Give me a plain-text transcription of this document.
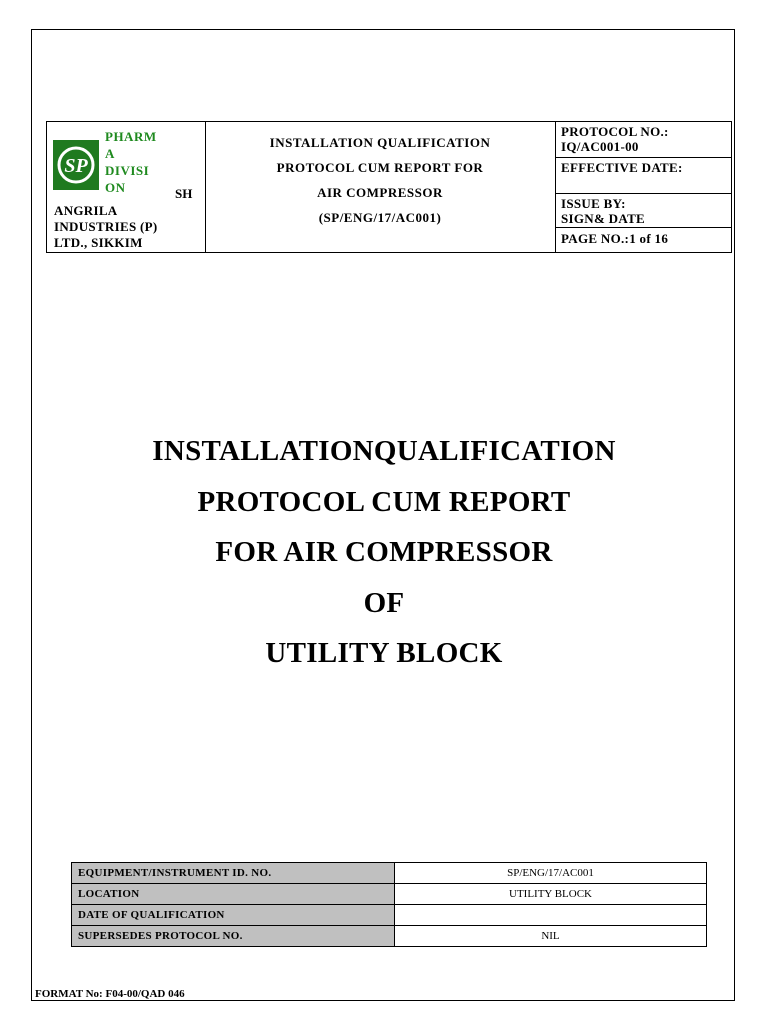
SP
PHARM
A
DIVISI
ON	SH
ANGRILA
INDUSTRIES (P)
LTD., SIKKIM
INSTALLATION QUALIFICATION
PROTOCOL CUM REPORT FOR
AIR COMPRESSOR
(SP/ENG/17/AC001)
PROTOCOL NO.:
IQ/AC001-00
EFFECTIVE DATE:
ISSUE BY:
SIGN& DATE
PAGE NO.:1 of 16
INSTALLATIONQUALIFICATION
PROTOCOL CUM REPORT
FOR AIR COMPRESSOR
OF
UTILITY BLOCK
EQUIPMENT/INSTRUMENT ID. NO.	SP/ENG/17/AC001
LOCATION	UTILITY BLOCK
DATE OF QUALIFICATION	
SUPERSEDES PROTOCOL NO.	NIL
FORMAT No: F04-00/QAD 046
